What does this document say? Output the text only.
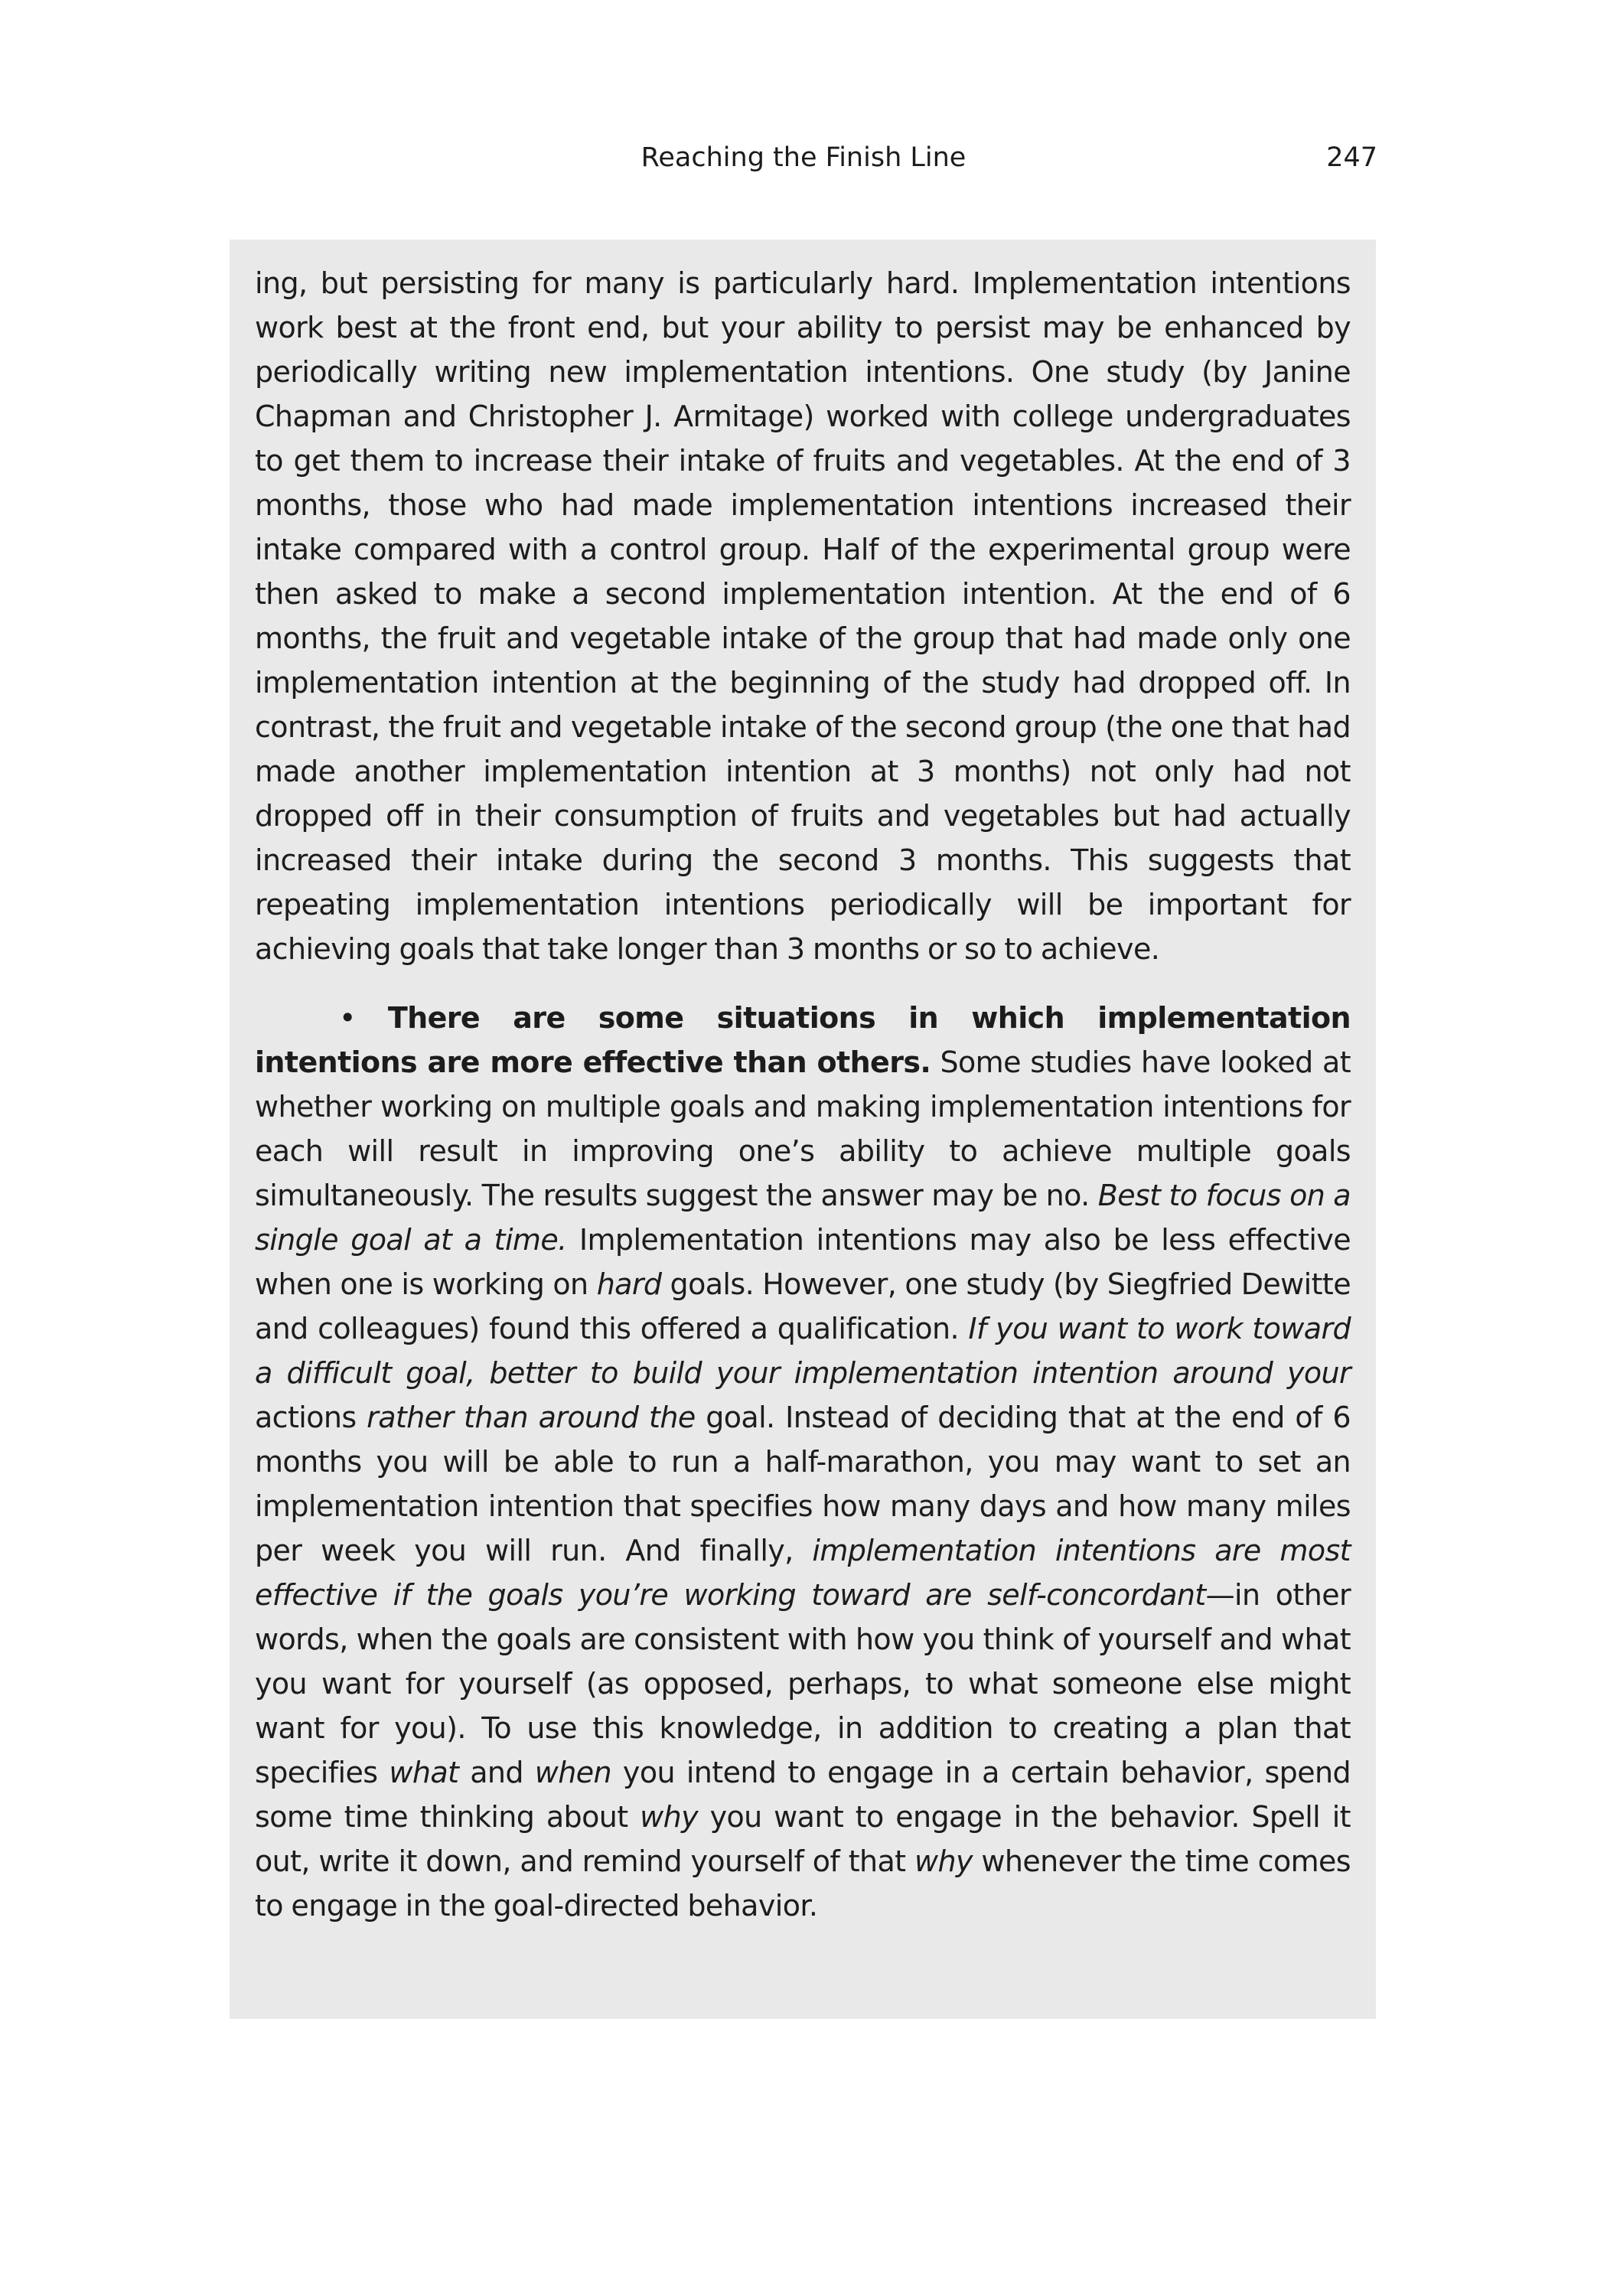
Reaching the Finish Line	247

ing, but persisting for many is particularly hard. Implementation intentions work best at the front end, but your ability to persist may be enhanced by periodically writing new implementation intentions. One study (by Janine Chapman and Christopher J. Armitage) worked with college undergraduates to get them to increase their intake of fruits and vegetables. At the end of 3 months, those who had made implementation intentions increased their intake compared with a control group. Half of the experimental group were then asked to make a second implementation intention. At the end of 6 months, the fruit and vegetable intake of the group that had made only one implementation intention at the beginning of the study had dropped off. In contrast, the fruit and vegetable intake of the second group (the one that had made another implementation intention at 3 months) not only had not dropped off in their consumption of fruits and vegetables but had actually increased their intake during the second 3 months. This suggests that repeating implementation intentions periodically will be important for achieving goals that take longer than 3 months or so to achieve.

• There are some situations in which implementation intentions are more effective than others. Some studies have looked at whether working on multiple goals and making implementation intentions for each will result in improving one’s ability to achieve multiple goals simultaneously. The results suggest the answer may be no. Best to focus on a single goal at a time. Implementation intentions may also be less effective when one is working on hard goals. However, one study (by Siegfried Dewitte and colleagues) found this offered a qualification. If you want to work toward a difficult goal, better to build your implementation intention around your actions rather than around the goal. Instead of deciding that at the end of 6 months you will be able to run a half-marathon, you may want to set an implementation intention that specifies how many days and how many miles per week you will run. And finally, implementation intentions are most effective if the goals you’re working toward are self-concordant—in other words, when the goals are consistent with how you think of yourself and what you want for yourself (as opposed, perhaps, to what someone else might want for you). To use this knowledge, in addition to creating a plan that specifies what and when you intend to engage in a certain behavior, spend some time thinking about why you want to engage in the behavior. Spell it out, write it down, and remind yourself of that why whenever the time comes to engage in the goal-directed behavior.
